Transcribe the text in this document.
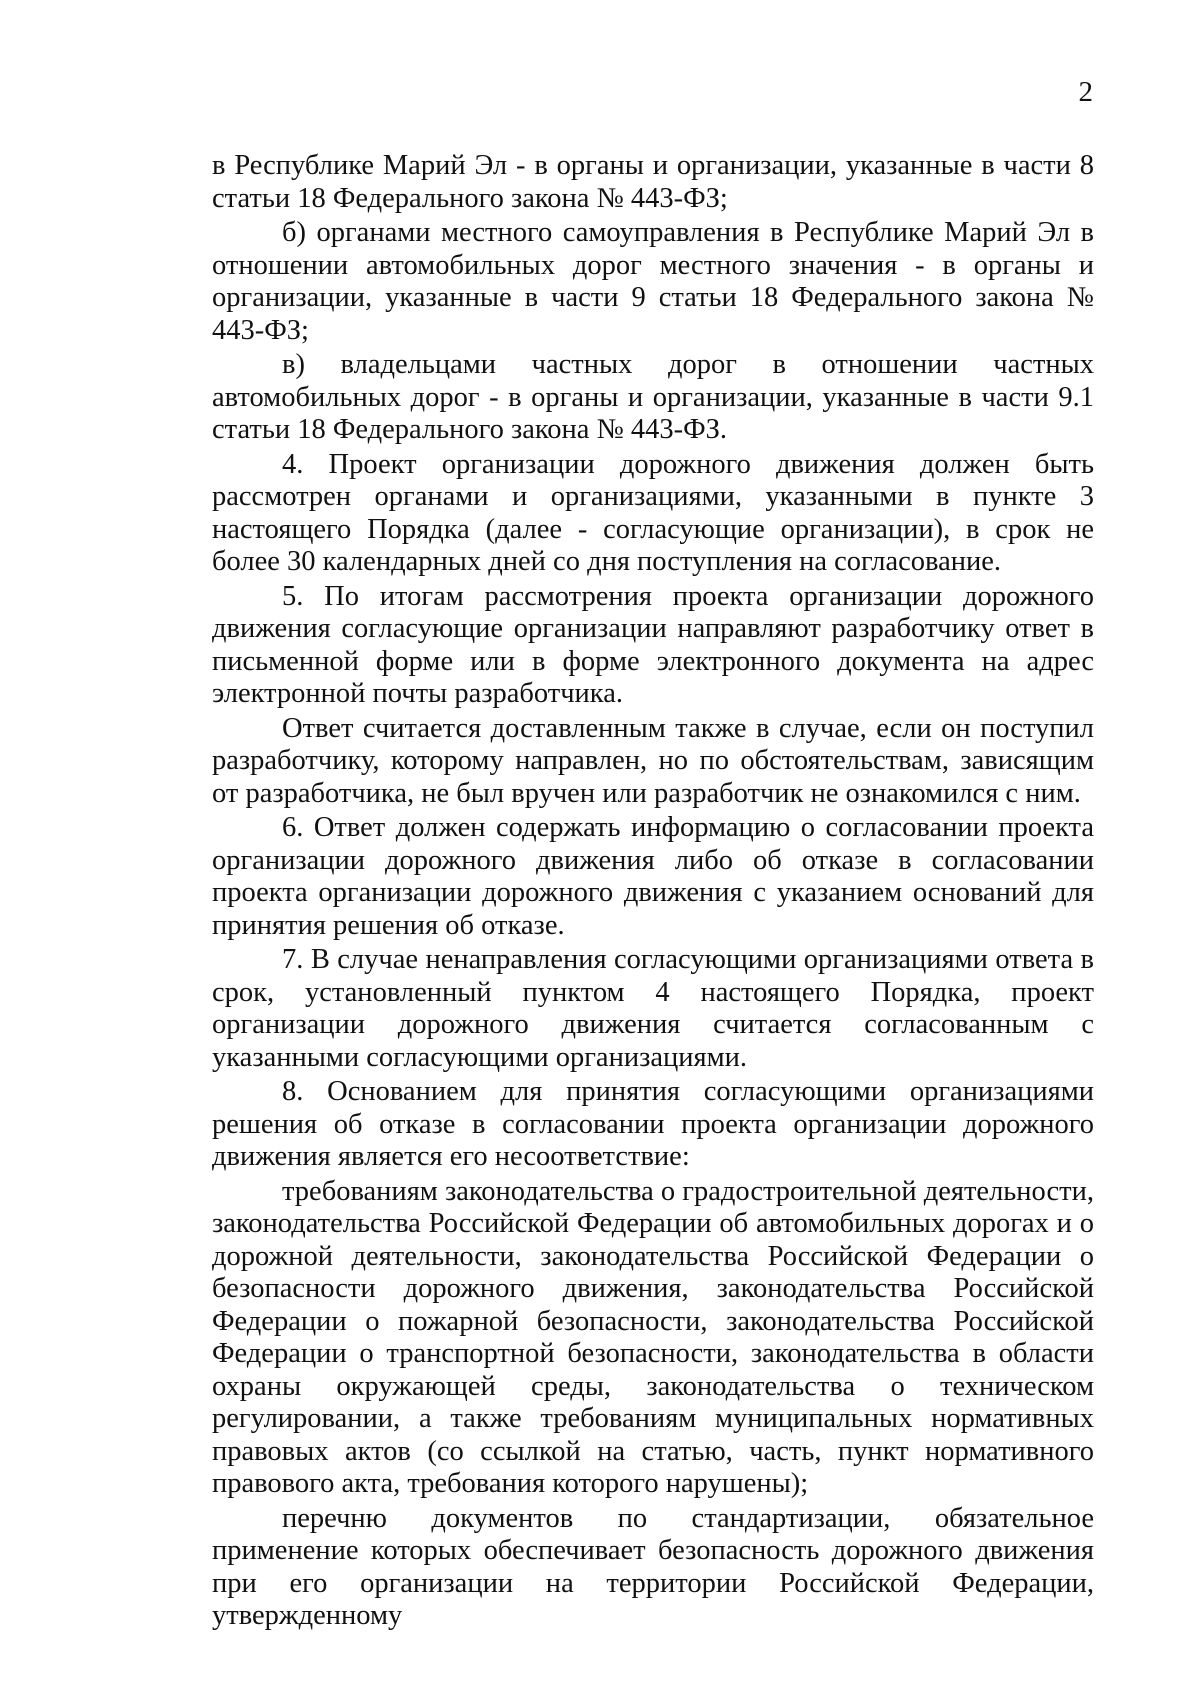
2

в Республике Марий Эл - в органы и организации, указанные в части 8 статьи 18 Федерального закона № 443-ФЗ;

б) органами местного самоуправления в Республике Марий Эл в отношении автомобильных дорог местного значения - в органы и организации, указанные в части 9 статьи 18 Федерального закона № 443-ФЗ;

в) владельцами частных дорог в отношении частных автомобильных дорог - в органы и организации, указанные в части 9.1 статьи 18 Федерального закона № 443-ФЗ.

4. Проект организации дорожного движения должен быть рассмотрен органами и организациями, указанными в пункте 3 настоящего Порядка (далее - согласующие организации), в срок не более 30 календарных дней со дня поступления на согласование.

5. По итогам рассмотрения проекта организации дорожного движения согласующие организации направляют разработчику ответ в письменной форме или в форме электронного документа на адрес электронной почты разработчика.

Ответ считается доставленным также в случае, если он поступил разработчику, которому направлен, но по обстоятельствам, зависящим от разработчика, не был вручен или разработчик не ознакомился с ним.

6. Ответ должен содержать информацию о согласовании проекта организации дорожного движения либо об отказе в согласовании проекта организации дорожного движения с указанием оснований для принятия решения об отказе.

7. В случае ненаправления согласующими организациями ответа в срок, установленный пунктом 4 настоящего Порядка, проект организации дорожного движения считается согласованным с указанными согласующими организациями.

8. Основанием для принятия согласующими организациями решения об отказе в согласовании проекта организации дорожного движения является его несоответствие:

требованиям законодательства о градостроительной деятельности, законодательства Российской Федерации об автомобильных дорогах и о дорожной деятельности, законодательства Российской Федерации о безопасности дорожного движения, законодательства Российской Федерации о пожарной безопасности, законодательства Российской Федерации о транспортной безопасности, законодательства в области охраны окружающей среды, законодательства о техническом регулировании, а также требованиям муниципальных нормативных правовых актов (со ссылкой на статью, часть, пункт нормативного правового акта, требования которого нарушены);

перечню документов по стандартизации, обязательное применение которых обеспечивает безопасность дорожного движения при его организации на территории Российской Федерации, утвержденному
